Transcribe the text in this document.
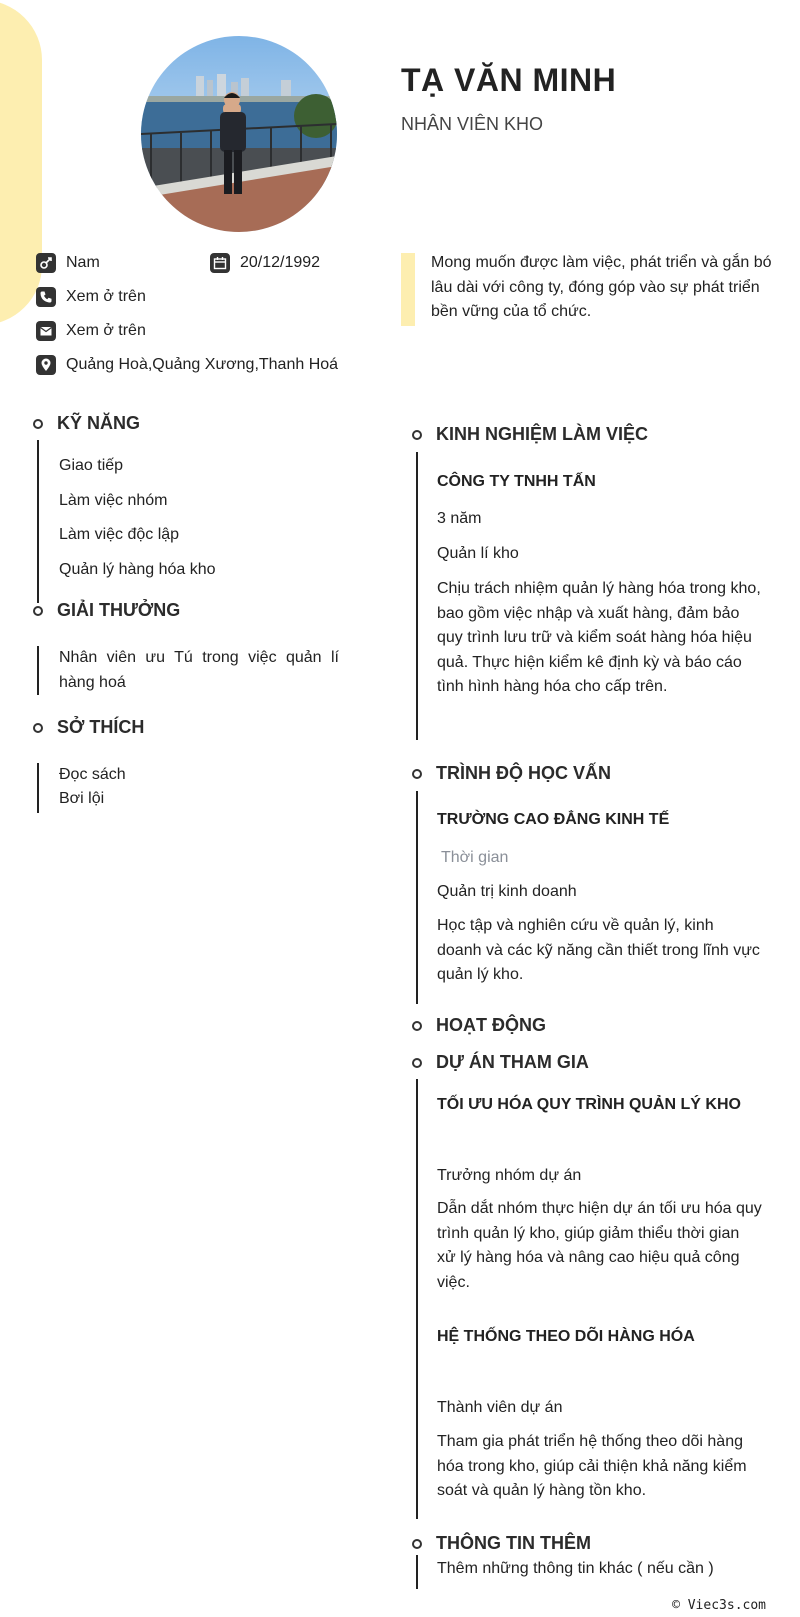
TẠ VĂN MINH
NHÂN VIÊN KHO
Nam	20/12/1992
Xem ở trên
Xem ở trên
Quảng Hoà,Quảng Xương,Thanh Hoá
Mong muốn được làm việc, phát triển và gắn bó lâu dài với công ty, đóng góp vào sự phát triển bền vững của tổ chức.
KỸ NĂNG
Giao tiếp
Làm việc nhóm
Làm việc độc lập
Quản lý hàng hóa kho
GIẢI THƯỞNG
Nhân viên ưu Tú trong việc quản lí hàng hoá
SỞ THÍCH
Đọc sách
Bơi lội
KINH NGHIỆM LÀM VIỆC
CÔNG TY TNHH TẤN
3 năm
Quản lí kho
Chịu trách nhiệm quản lý hàng hóa trong kho, bao gồm việc nhập và xuất hàng, đảm bảo quy trình lưu trữ và kiểm soát hàng hóa hiệu quả. Thực hiện kiểm kê định kỳ và báo cáo tình hình hàng hóa cho cấp trên.
TRÌNH ĐỘ HỌC VẤN
TRƯỜNG CAO ĐẲNG KINH TẾ
Thời gian
Quản trị kinh doanh
Học tập và nghiên cứu về quản lý, kinh doanh và các kỹ năng cần thiết trong lĩnh vực quản lý kho.
HOẠT ĐỘNG
DỰ ÁN THAM GIA
TỐI ƯU HÓA QUY TRÌNH QUẢN LÝ KHO
Trưởng nhóm dự án
Dẫn dắt nhóm thực hiện dự án tối ưu hóa quy trình quản lý kho, giúp giảm thiểu thời gian xử lý hàng hóa và nâng cao hiệu quả công việc.
HỆ THỐNG THEO DÕI HÀNG HÓA
Thành viên dự án
Tham gia phát triển hệ thống theo dõi hàng hóa trong kho, giúp cải thiện khả năng kiểm soát và quản lý hàng tồn kho.
THÔNG TIN THÊM
Thêm những thông tin khác ( nếu cần )
© Viec3s.com
